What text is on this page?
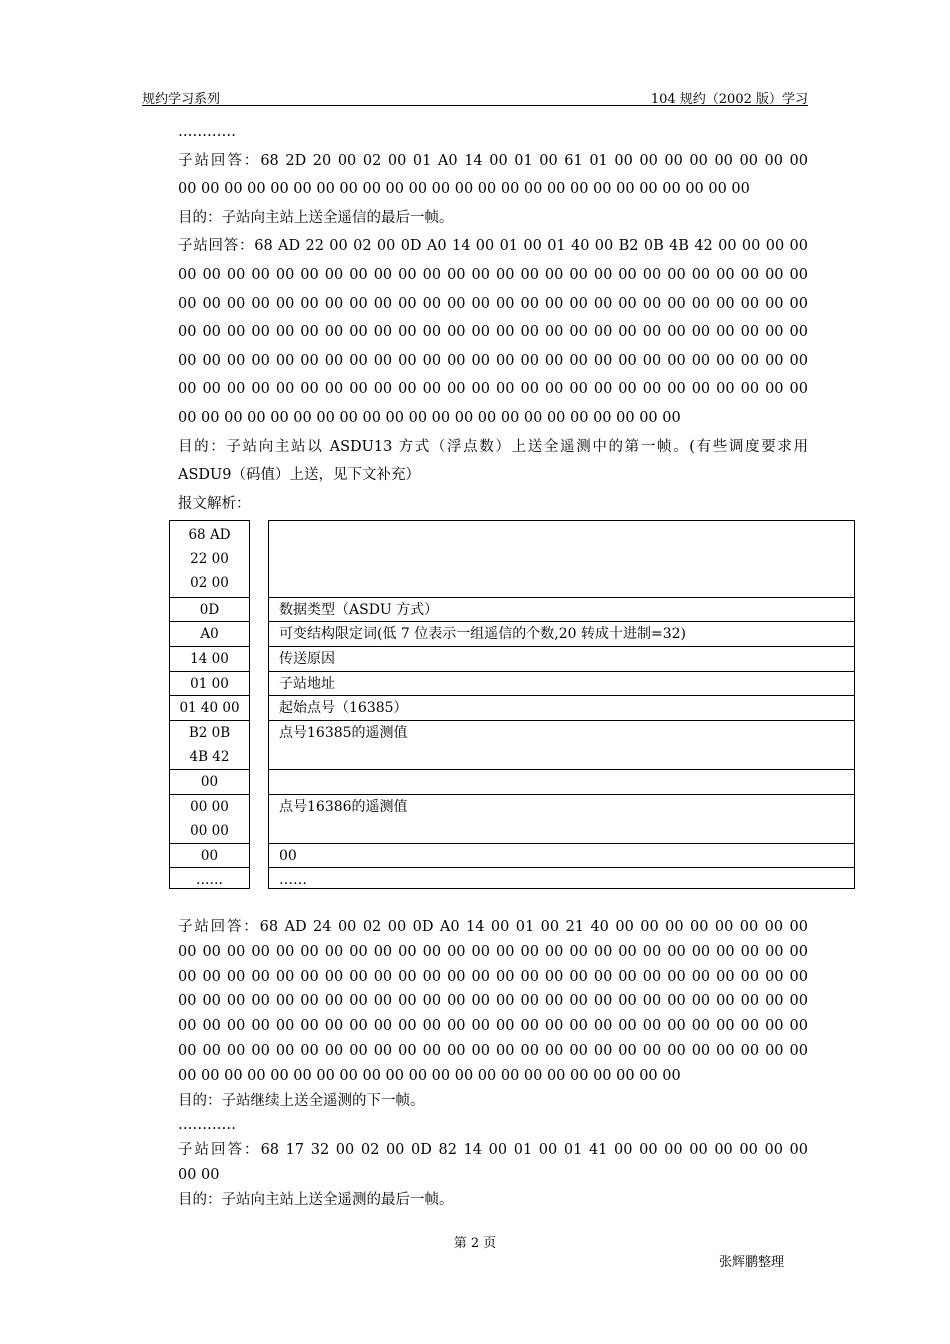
规约学习系列	104 规约（2002 版）学习
…………
子站回答：68 2D 20 00 02 00 01 A0 14 00 01 00 61 01 00 00 00 00 00 00 00 00
00 00 00 00 00 00 00 00 00 00 00 00 00 00 00 00 00 00 00 00 00 00 00 00 00
目的：子站向主站上送全遥信的最后一帧。
子站回答：68 AD 22 00 02 00 0D A0 14 00 01 00 01 40 00 B2 0B 4B 42 00 00 00 00
00 00 00 00 00 00 00 00 00 00 00 00 00 00 00 00 00 00 00 00 00 00 00 00 00 00
00 00 00 00 00 00 00 00 00 00 00 00 00 00 00 00 00 00 00 00 00 00 00 00 00 00
00 00 00 00 00 00 00 00 00 00 00 00 00 00 00 00 00 00 00 00 00 00 00 00 00 00
00 00 00 00 00 00 00 00 00 00 00 00 00 00 00 00 00 00 00 00 00 00 00 00 00 00
00 00 00 00 00 00 00 00 00 00 00 00 00 00 00 00 00 00 00 00 00 00 00 00 00 00
00 00 00 00 00 00 00 00 00 00 00 00 00 00 00 00 00 00 00 00 00 00
目的：子站向主站以 ASDU13 方式（浮点数）上送全遥测中的第一帧。(有些调度要求用
ASDU9（码值）上送，见下文补充）
报文解析：
68 AD
22 00
02 00
0D
A0
14 00
01 00
01 40 00
B2 0B
4B 42
00
00 00
00 00
00
……
数据类型（ASDU 方式）
可变结构限定词(低 7 位表示一组遥信的个数,20 转成十进制=32)
传送原因
子站地址
起始点号（16385）
点号16385的遥测值
点号16386的遥测值
00
……
子站回答：68 AD 24 00 02 00 0D A0 14 00 01 00 21 40 00 00 00 00 00 00 00 00
00 00 00 00 00 00 00 00 00 00 00 00 00 00 00 00 00 00 00 00 00 00 00 00 00 00
00 00 00 00 00 00 00 00 00 00 00 00 00 00 00 00 00 00 00 00 00 00 00 00 00 00
00 00 00 00 00 00 00 00 00 00 00 00 00 00 00 00 00 00 00 00 00 00 00 00 00 00
00 00 00 00 00 00 00 00 00 00 00 00 00 00 00 00 00 00 00 00 00 00 00 00 00 00
00 00 00 00 00 00 00 00 00 00 00 00 00 00 00 00 00 00 00 00 00 00 00 00 00 00
00 00 00 00 00 00 00 00 00 00 00 00 00 00 00 00 00 00 00 00 00 00
目的：子站继续上送全遥测的下一帧。
…………
子站回答：68 17 32 00 02 00 0D 82 14 00 01 00 01 41 00 00 00 00 00 00 00 00
00 00
目的：子站向主站上送全遥测的最后一帧。
第 2 页
张辉鹏整理
